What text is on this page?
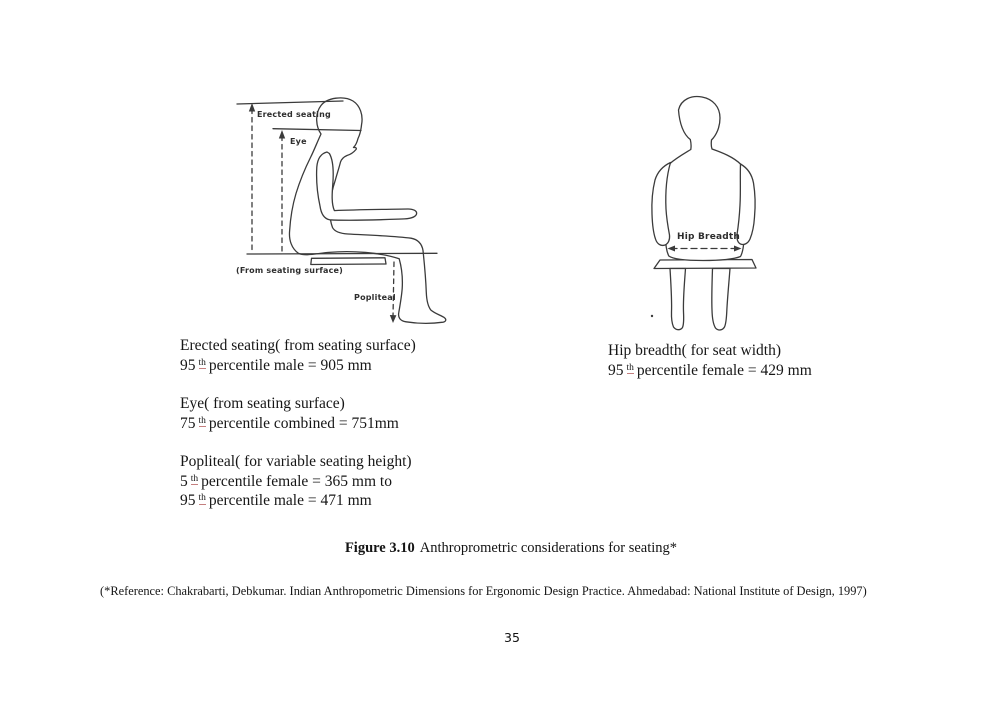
Erected seating
Eye
(From seating surface)
Popliteal
Hip Breadth
Erected seating( from seating surface)
95 th percentile male = 905 mm
Eye( from seating surface)
75 th percentile combined = 751mm
Popliteal( for variable seating height)
5 th percentile female = 365 mm to
95 th percentile male = 471 mm
Hip breadth( for seat width)
95 th percentile female = 429 mm
Figure 3.10 Anthroprometric considerations for seating*
(*Reference: Chakrabarti, Debkumar. Indian Anthropometric Dimensions for Ergonomic Design Practice. Ahmedabad: National Institute of Design, 1997)
35
